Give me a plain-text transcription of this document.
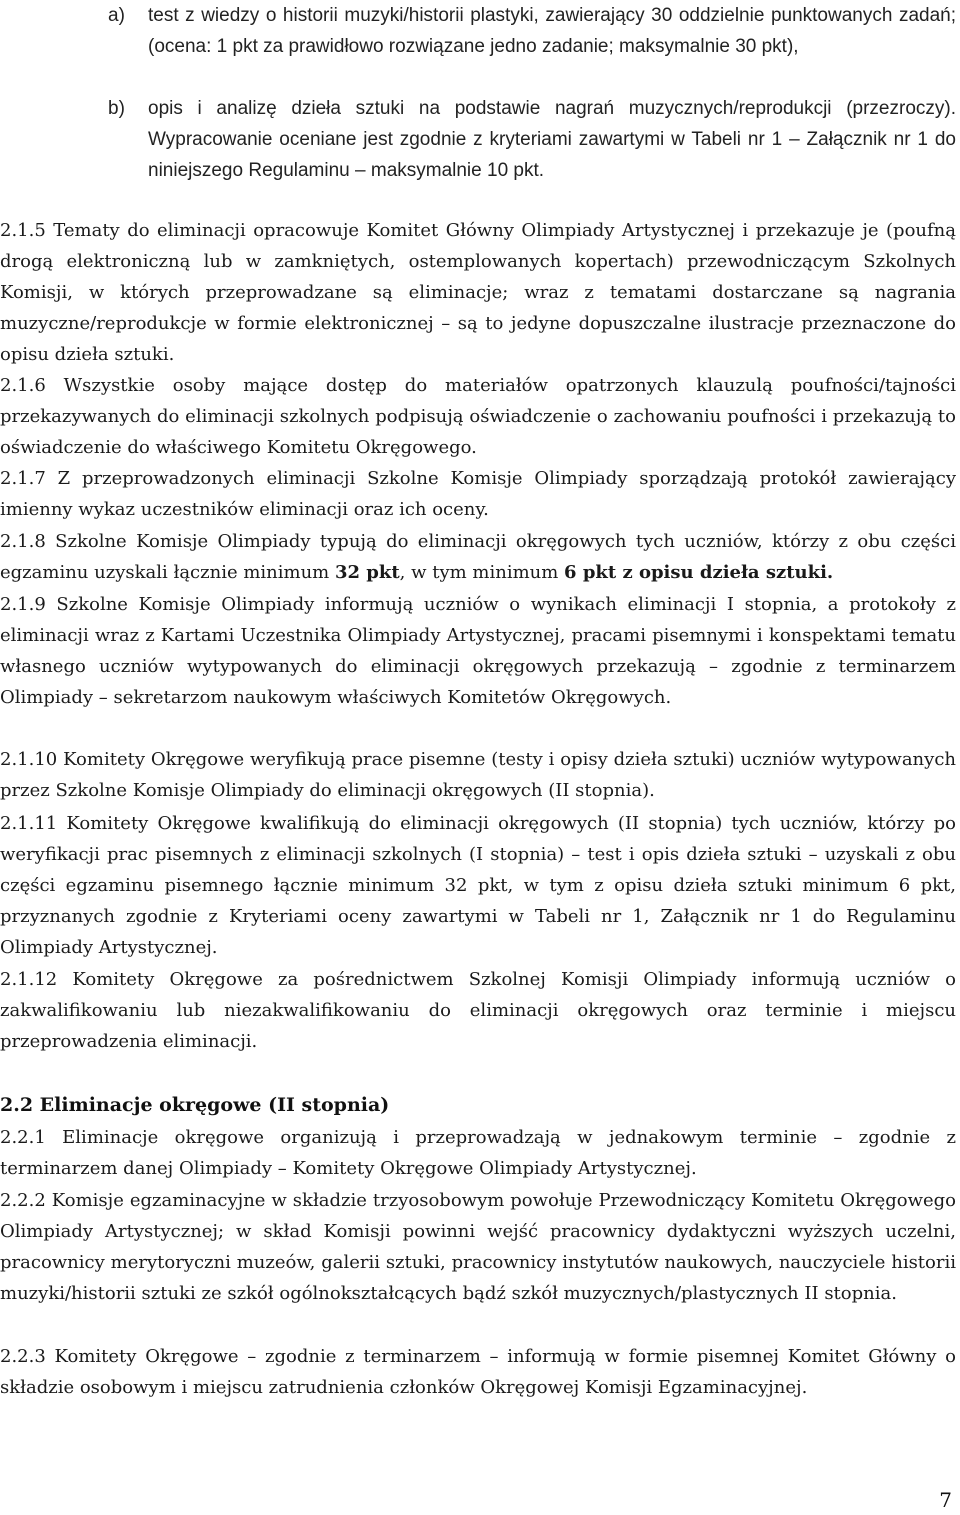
a) test z wiedzy o historii muzyki/historii plastyki, zawierający 30 oddzielnie punktowanych zadań; (ocena: 1 pkt za prawidłowo rozwiązane jedno zadanie; maksymalnie 30 pkt),
b) opis i analizę dzieła sztuki na podstawie nagrań muzycznych/reprodukcji (przezroczy). Wypracowanie oceniane jest zgodnie z kryteriami zawartymi w Tabeli nr 1 – Załącznik nr 1 do niniejszego Regulaminu – maksymalnie 10 pkt.
2.1.5 Tematy do eliminacji opracowuje Komitet Główny Olimpiady Artystycznej i przekazuje je (poufną drogą elektroniczną lub w zamkniętych, ostemplowanych kopertach) przewodniczącym Szkolnych Komisji, w których przeprowadzane są eliminacje; wraz z tematami dostarczane są nagrania muzyczne/reprodukcje w formie elektronicznej – są to jedyne dopuszczalne ilustracje przeznaczone do opisu dzieła sztuki.
2.1.6 Wszystkie osoby mające dostęp do materiałów opatrzonych klauzulą poufności/tajności przekazywanych do eliminacji szkolnych podpisują oświadczenie o zachowaniu poufności i przekazują to oświadczenie do właściwego Komitetu Okręgowego.
2.1.7 Z przeprowadzonych eliminacji Szkolne Komisje Olimpiady sporządzają protokół zawierający imienny wykaz uczestników eliminacji oraz ich oceny.
2.1.8 Szkolne Komisje Olimpiady typują do eliminacji okręgowych tych uczniów, którzy z obu części egzaminu uzyskali łącznie minimum 32 pkt, w tym minimum 6 pkt z opisu dzieła sztuki.
2.1.9 Szkolne Komisje Olimpiady informują uczniów o wynikach eliminacji I stopnia, a protokoły z eliminacji wraz z Kartami Uczestnika Olimpiady Artystycznej, pracami pisemnymi i konspektami tematu własnego uczniów wytypowanych do eliminacji okręgowych przekazują – zgodnie z terminarzem Olimpiady – sekretarzom naukowym właściwych Komitetów Okręgowych.
2.1.10 Komitety Okręgowe weryfikują prace pisemne (testy i opisy dzieła sztuki) uczniów wytypowanych przez Szkolne Komisje Olimpiady do eliminacji okręgowych (II stopnia).
2.1.11 Komitety Okręgowe kwalifikują do eliminacji okręgowych (II stopnia) tych uczniów, którzy po weryfikacji prac pisemnych z eliminacji szkolnych (I stopnia) – test i opis dzieła sztuki – uzyskali z obu części egzaminu pisemnego łącznie minimum 32 pkt, w tym z opisu dzieła sztuki minimum 6 pkt, przyznanych zgodnie z Kryteriami oceny zawartymi w Tabeli nr 1, Załącznik nr 1 do Regulaminu Olimpiady Artystycznej.
2.1.12 Komitety Okręgowe za pośrednictwem Szkolnej Komisji Olimpiady informują uczniów o zakwalifikowaniu lub niezakwalifikowaniu do eliminacji okręgowych oraz terminie i miejscu przeprowadzenia eliminacji.
2.2 Eliminacje okręgowe (II stopnia)
2.2.1 Eliminacje okręgowe organizują i przeprowadzają w jednakowym terminie – zgodnie z terminarzem danej Olimpiady – Komitety Okręgowe Olimpiady Artystycznej.
2.2.2 Komisje egzaminacyjne w składzie trzyosobowym powołuje Przewodniczący Komitetu Okręgowego Olimpiady Artystycznej; w skład Komisji powinni wejść pracownicy dydaktyczni wyższych uczelni, pracownicy merytoryczni muzeów, galerii sztuki, pracownicy instytutów naukowych, nauczyciele historii muzyki/historii sztuki ze szkół ogólnokształcących bądź szkół muzycznych/plastycznych II stopnia.
2.2.3 Komitety Okręgowe – zgodnie z terminarzem – informują w formie pisemnej Komitet Główny o składzie osobowym i miejscu zatrudnienia członków Okręgowej Komisji Egzaminacyjnej.
7
